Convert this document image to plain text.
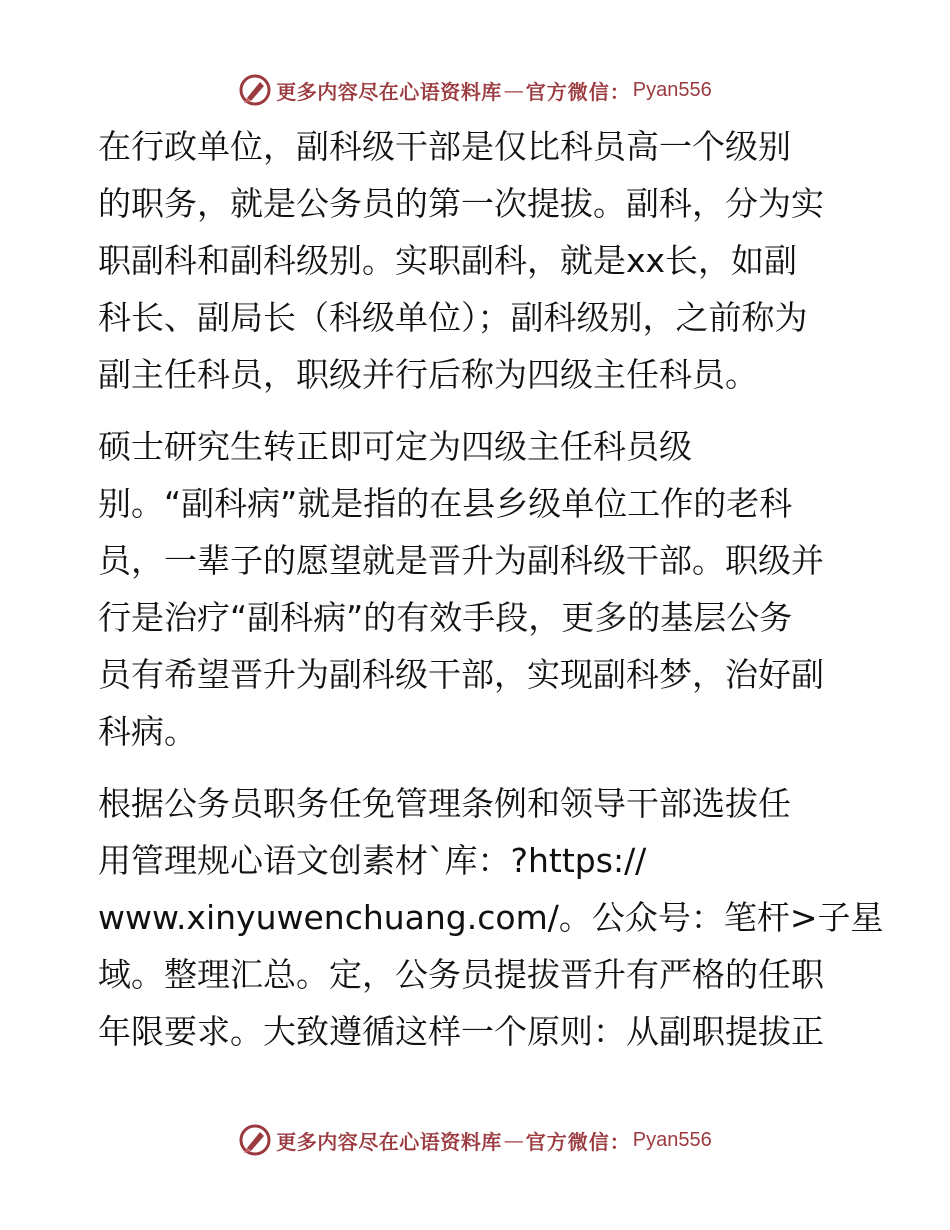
更多内容尽在心语资料库 — 官方微信： Pyan556
在行政单位，副科级干部是仅比科员高一个级别
的职务，就是公务员的第一次提拔。副科，分为实
职副科和副科级别。实职副科，就是xx长，如副
科长、副局长（科级单位）；副科级别，之前称为
副主任科员，职级并行后称为四级主任科员。
硕士研究生转正即可定为四级主任科员级
别。“副科病”就是指的在县乡级单位工作的老科
员，一辈子的愿望就是晋升为副科级干部。职级并
行是治疗“副科病”的有效手段，更多的基层公务
员有希望晋升为副科级干部，实现副科梦，治好副
科病。
根据公务员职务任免管理条例和领导干部选拔任
用管理规心语文创素材`库：?https://
www.xinyuwenchuang.com/。公众号：笔杆>子星
域。整理汇总。定，公务员提拔晋升有严格的任职
年限要求。大致遵循这样一个原则：从副职提拔正
更多内容尽在心语资料库 — 官方微信： Pyan556
